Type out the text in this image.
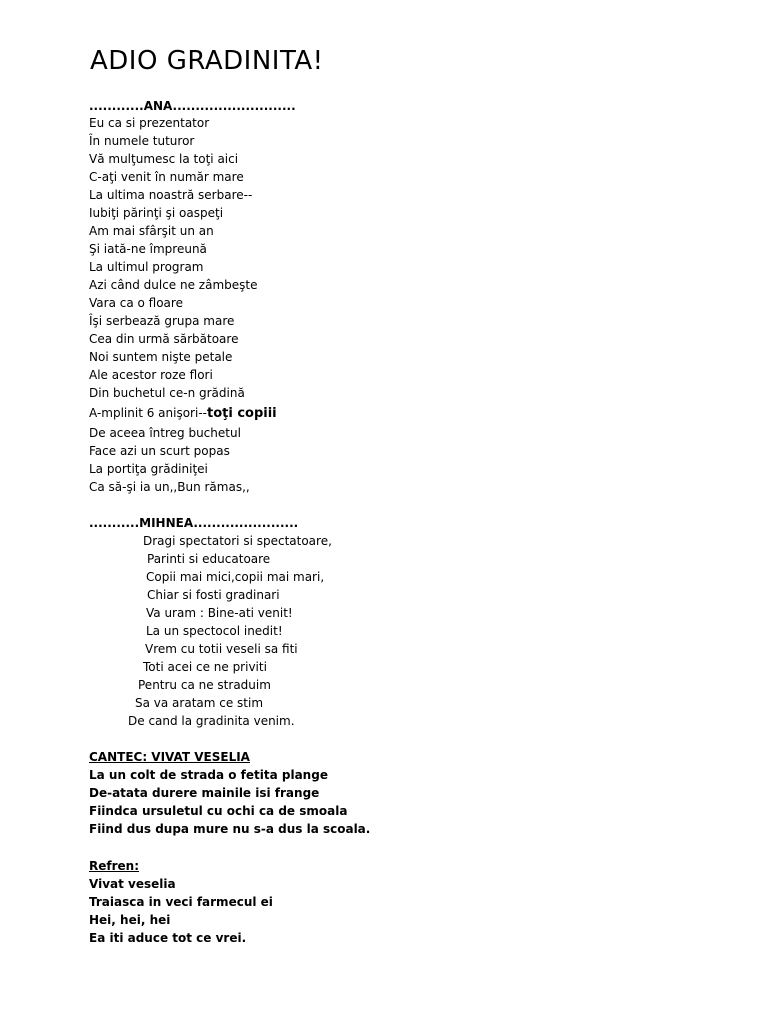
ADIO GRADINITA!
............ANA...........................
Eu ca si prezentator
În numele tuturor
Vă mulţumesc la toţi aici
C-aţi venit în număr mare
La ultima noastră serbare--
Iubiţi părinţi şi oaspeţi
Am mai sfârşit un an
Şi iată-ne împreună
La ultimul program
Azi când dulce ne zâmbeşte
Vara ca o floare
Îşi serbează grupa mare
Cea din urmă sărbătoare
Noi suntem nişte petale
Ale acestor roze flori
Din buchetul ce-n grădină
A-mplinit 6 anişori--toţi copiii
De aceea întreg buchetul
Face azi un scurt popas
La portiţa grădiniţei
Ca să-şi ia un,,Bun rămas,,
...........MIHNEA.......................
Dragi spectatori si spectatoare,
Parinti si educatoare
Copii mai mici,copii mai mari,
Chiar si fosti gradinari
Va uram : Bine-ati venit!
La un spectocol inedit!
Vrem cu totii veseli sa fiti
Toti acei ce ne priviti
Pentru ca ne straduim
Sa va aratam ce stim
De cand la gradinita venim.
CANTEC: VIVAT VESELIA
La un colt de strada o fetita plange
De-atata durere mainile isi frange
Fiindca ursuletul cu ochi ca de smoala
Fiind dus dupa mure nu s-a dus la scoala.
Refren:
Vivat veselia
Traiasca in veci farmecul ei
Hei, hei, hei
Ea iti aduce tot ce vrei.
